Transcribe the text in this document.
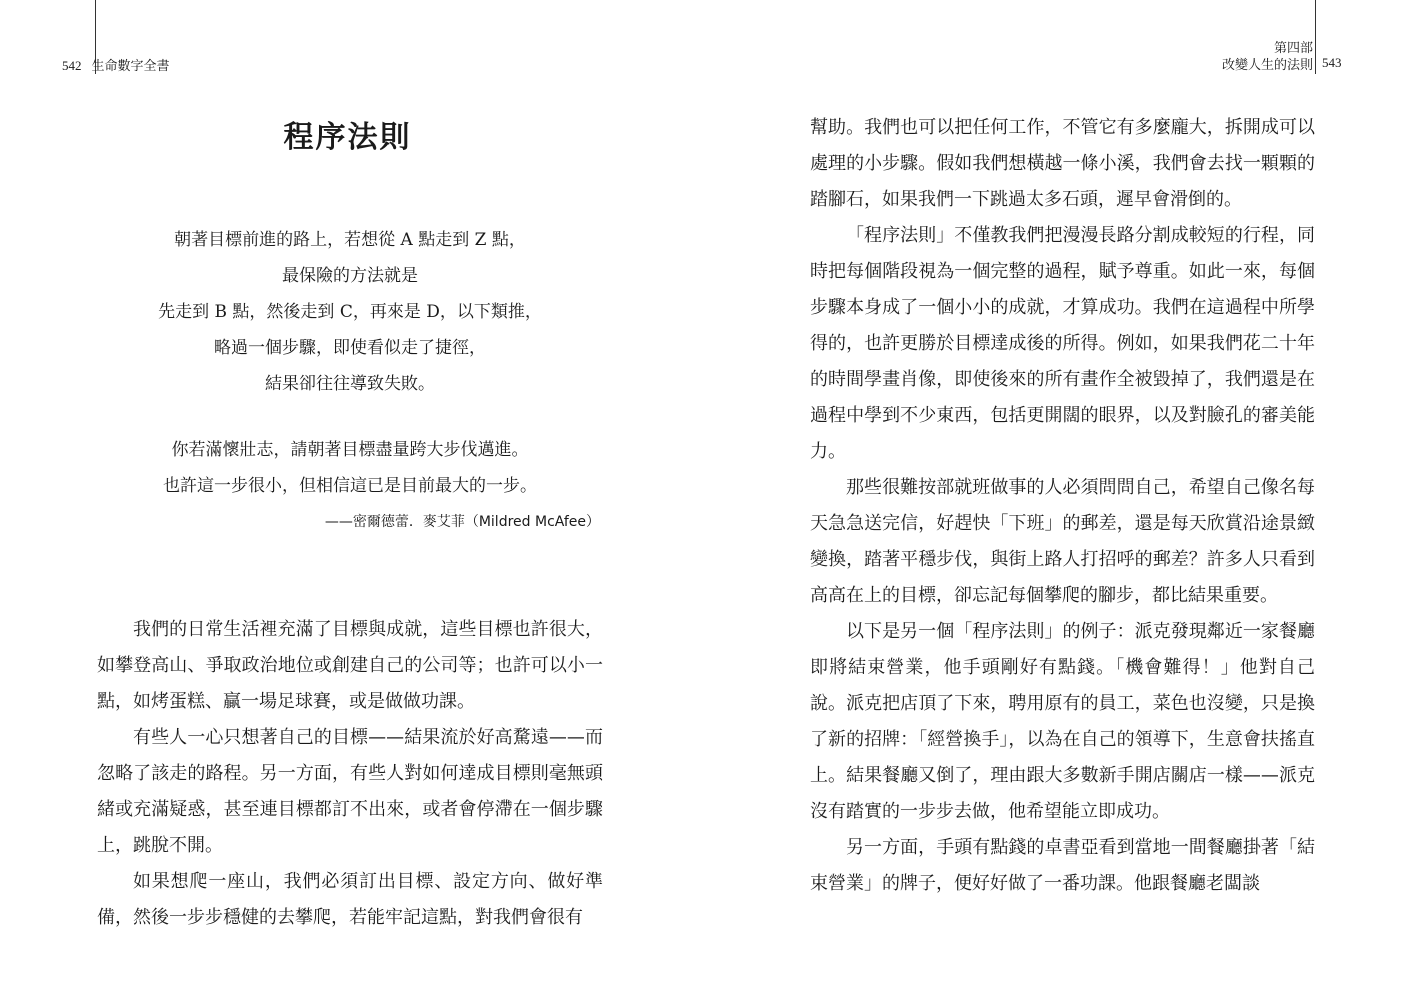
542 生命數字全書
第四部
改變人生的法則 543
程序法則
朝著目標前進的路上，若想從 A 點走到 Z 點，
最保險的方法就是
先走到 B 點，然後走到 C，再來是 D，以下類推，
略過一個步驟，即使看似走了捷徑，
結果卻往往導致失敗。
你若滿懷壯志，請朝著目標盡量跨大步伐邁進。
也許這一步很小，但相信這已是目前最大的一步。
——密爾德蕾．麥艾菲（Mildred McAfee）

我們的日常生活裡充滿了目標與成就，這些目標也許很大，如攀登高山、爭取政治地位或創建自己的公司等；也許可以小一點，如烤蛋糕、贏一場足球賽，或是做做功課。

有些人一心只想著自己的目標——結果流於好高騖遠——而忽略了該走的路程。另一方面，有些人對如何達成目標則毫無頭緒或充滿疑惑，甚至連目標都訂不出來，或者會停滯在一個步驟上，跳脫不開。

如果想爬一座山，我們必須訂出目標、設定方向、做好準備，然後一步步穩健的去攀爬，若能牢記這點，對我們會很有

幫助。我們也可以把任何工作，不管它有多麼龐大，拆開成可以處理的小步驟。假如我們想橫越一條小溪，我們會去找一顆顆的踏腳石，如果我們一下跳過太多石頭，遲早會滑倒的。

「程序法則」不僅教我們把漫漫長路分割成較短的行程，同時把每個階段視為一個完整的過程，賦予尊重。如此一來，每個步驟本身成了一個小小的成就，才算成功。我們在這過程中所學得的，也許更勝於目標達成後的所得。例如，如果我們花二十年的時間學畫肖像，即使後來的所有畫作全被毀掉了，我們還是在過程中學到不少東西，包括更開闊的眼界，以及對臉孔的審美能力。

那些很難按部就班做事的人必須問問自己，希望自己像名每天急急送完信，好趕快「下班」的郵差，還是每天欣賞沿途景緻變換，踏著平穩步伐，與街上路人打招呼的郵差？許多人只看到高高在上的目標，卻忘記每個攀爬的腳步，都比結果重要。

以下是另一個「程序法則」的例子：派克發現鄰近一家餐廳即將結束營業，他手頭剛好有點錢。「機會難得！」他對自己說。派克把店頂了下來，聘用原有的員工，菜色也沒變，只是換了新的招牌：「經營換手」，以為在自己的領導下，生意會扶搖直上。結果餐廳又倒了，理由跟大多數新手開店關店一樣——派克沒有踏實的一步步去做，他希望能立即成功。

另一方面，手頭有點錢的卓書亞看到當地一間餐廳掛著「結束營業」的牌子，便好好做了一番功課。他跟餐廳老闆談
